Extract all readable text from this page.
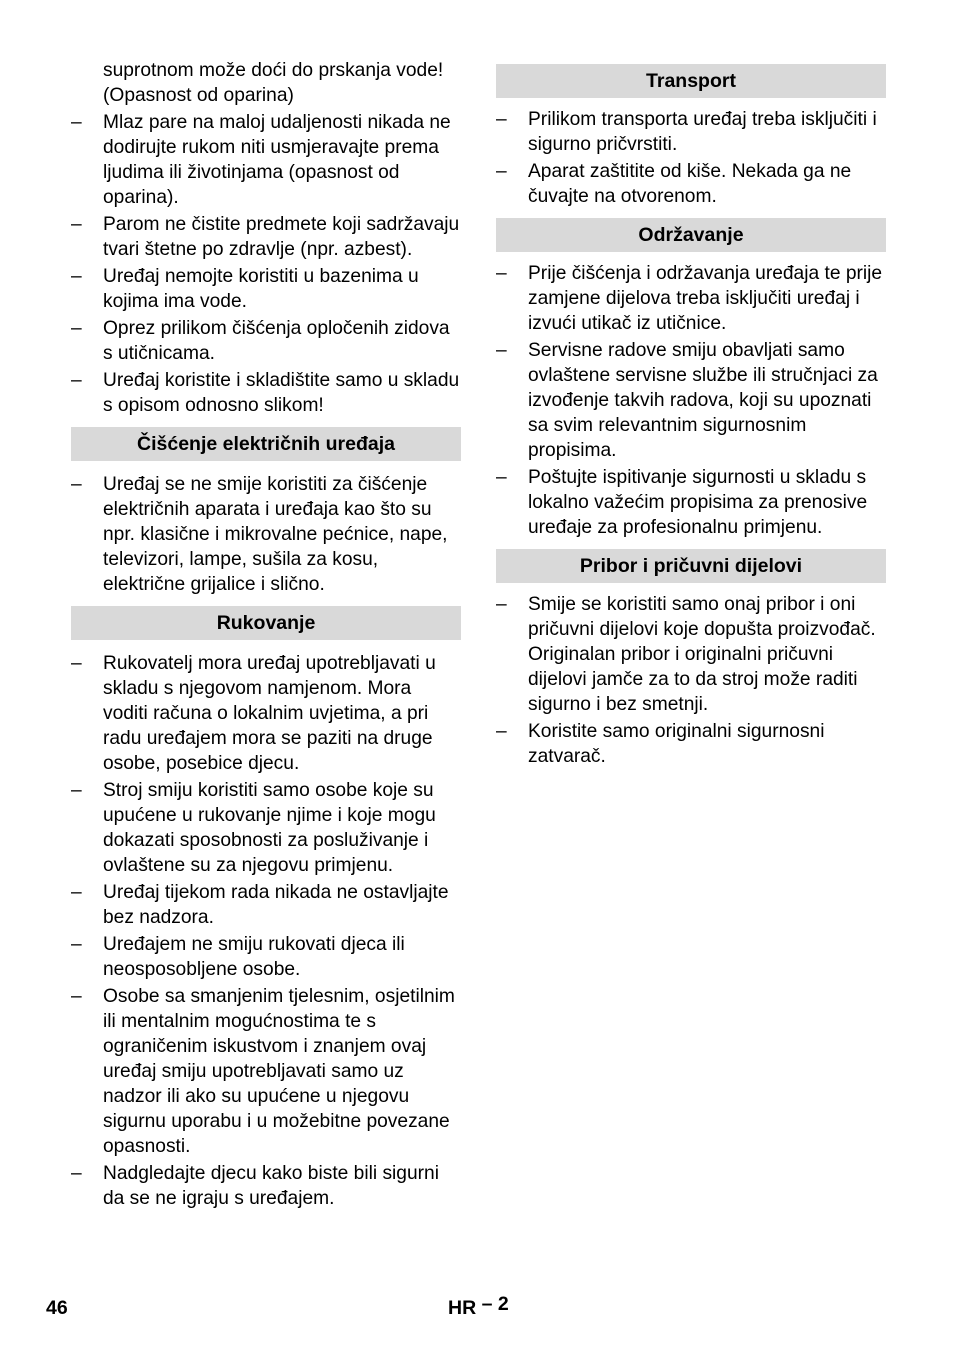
suprotnom može doći do prskanja vode! (Opasnost od oparina)

–	Mlaz pare na maloj udaljenosti nikada ne dodirujte rukom niti usmjeravajte prema ljudima ili životinjama (opasnost od oparina).
–	Parom ne čistite predmete koji sadržavaju tvari štetne po zdravlje (npr. azbest).
–	Uređaj nemojte koristiti u bazenima u kojima ima vode.
–	Oprez prilikom čišćenja opločenih zidova s utičnicama.
–	Uređaj koristite i skladištite samo u skladu s opisom odnosno slikom!
Čišćenje električnih uređaja
–	Uređaj se ne smije koristiti za čišćenje električnih aparata i uređaja kao što su npr. klasične i mikrovalne pećnice, nape, televizori, lampe, sušila za kosu, električne grijalice i slično.
Rukovanje
–	Rukovatelj mora uređaj upotrebljavati u skladu s njegovom namjenom. Mora voditi računa o lokalnim uvjetima, a pri radu uređajem mora se paziti na druge osobe, posebice djecu.
–	Stroj smiju koristiti samo osobe koje su upućene u rukovanje njime i koje mogu dokazati sposobnosti za posluživanje i ovlaštene su za njegovu primjenu.
–	Uređaj tijekom rada nikada ne ostavljajte bez nadzora.
–	Uređajem ne smiju rukovati djeca ili neosposobljene osobe.
–	Osobe sa smanjenim tjelesnim, osjetilnim ili mentalnim mogućnostima te s ograničenim iskustvom i znanjem ovaj uređaj smiju upotrebljavati samo uz nadzor ili ako su upućene u njegovu sigurnu uporabu i u možebitne povezane opasnosti.
–	Nadgledajte djecu kako biste bili sigurni da se ne igraju s uređajem.
Transport
–	Prilikom transporta uređaj treba isključiti i sigurno pričvrstiti.
–	Aparat zaštitite od kiše. Nekada ga ne čuvajte na otvorenom.
Održavanje
–	Prije čišćenja i održavanja uređaja te prije zamjene dijelova treba isključiti uređaj i izvući utikač iz utičnice.
–	Servisne radove smiju obavljati samo ovlaštene servisne službe ili stručnjaci za izvođenje takvih radova, koji su upoznati sa svim relevantnim sigurnosnim propisima.
–	Poštujte ispitivanje sigurnosti u skladu s lokalno važećim propisima za prenosive uređaje za profesionalnu primjenu.
Pribor i pričuvni dijelovi
–	Smije se koristiti samo onaj pribor i oni pričuvni dijelovi koje dopušta proizvođač. Originalan pribor i originalni pričuvni dijelovi jamče za to da stroj može raditi sigurno i bez smetnji.
–	Koristite samo originalni sigurnosni zatvarač.
46	HR – 2
